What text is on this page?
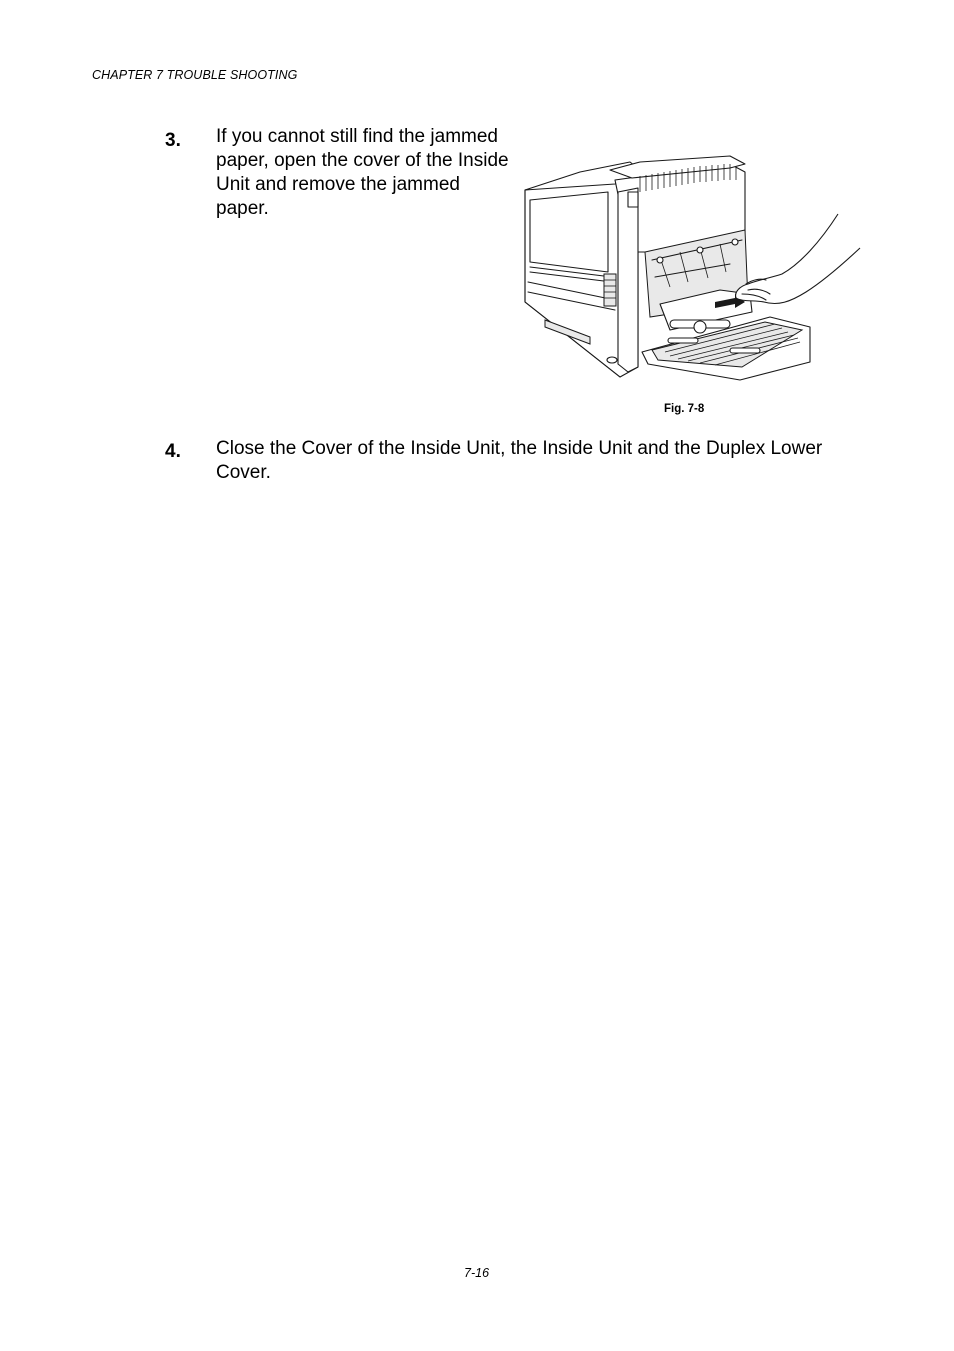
CHAPTER 7 TROUBLE SHOOTING
3. If you cannot still find the jammed paper, open the cover of the Inside Unit and remove the jammed paper.
Fig. 7-8
4. Close the Cover of the Inside Unit, the Inside Unit and the Duplex Lower Cover.
7-16
